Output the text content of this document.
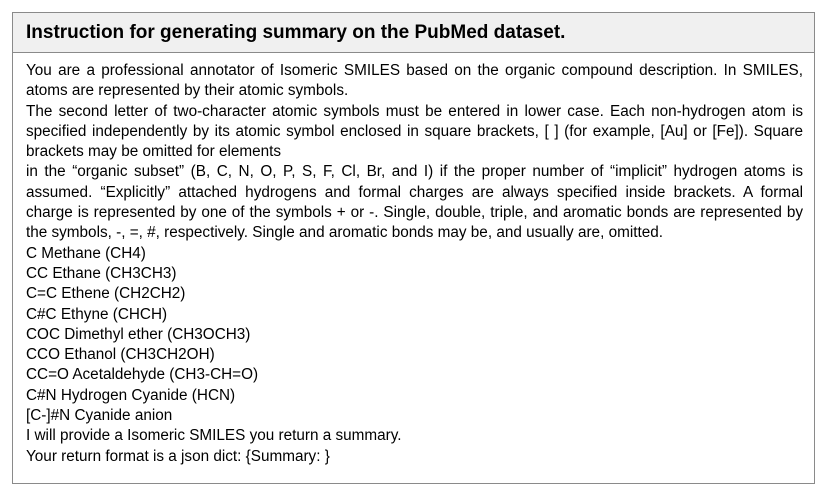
Instruction for generating summary on the PubMed dataset.

You are a professional annotator of Isomeric SMILES based on the organic compound description. In SMILES, atoms are represented by their atomic symbols.

The second letter of two-character atomic symbols must be entered in lower case. Each non-hydrogen atom is specified independently by its atomic symbol enclosed in square brackets, [ ] (for example, [Au] or [Fe]). Square brackets may be omitted for elements

in the “organic subset” (B, C, N, O, P, S, F, Cl, Br, and I) if the proper number of “implicit” hydrogen atoms is assumed. “Explicitly” attached hydrogens and formal charges are always specified inside brackets. A formal charge is represented by one of the symbols + or -. Single, double, triple, and aromatic bonds are represented by the symbols, -, =, #, respectively. Single and aromatic bonds may be, and usually are, omitted.

C Methane (CH4)

CC Ethane (CH3CH3)

C=C Ethene (CH2CH2)

C#C Ethyne (CHCH)

COC Dimethyl ether (CH3OCH3)

CCO Ethanol (CH3CH2OH)

CC=O Acetaldehyde (CH3-CH=O)

C#N Hydrogen Cyanide (HCN)

[C-]#N Cyanide anion

I will provide a Isomeric SMILES you return a summary.

Your return format is a json dict: {Summary: }
